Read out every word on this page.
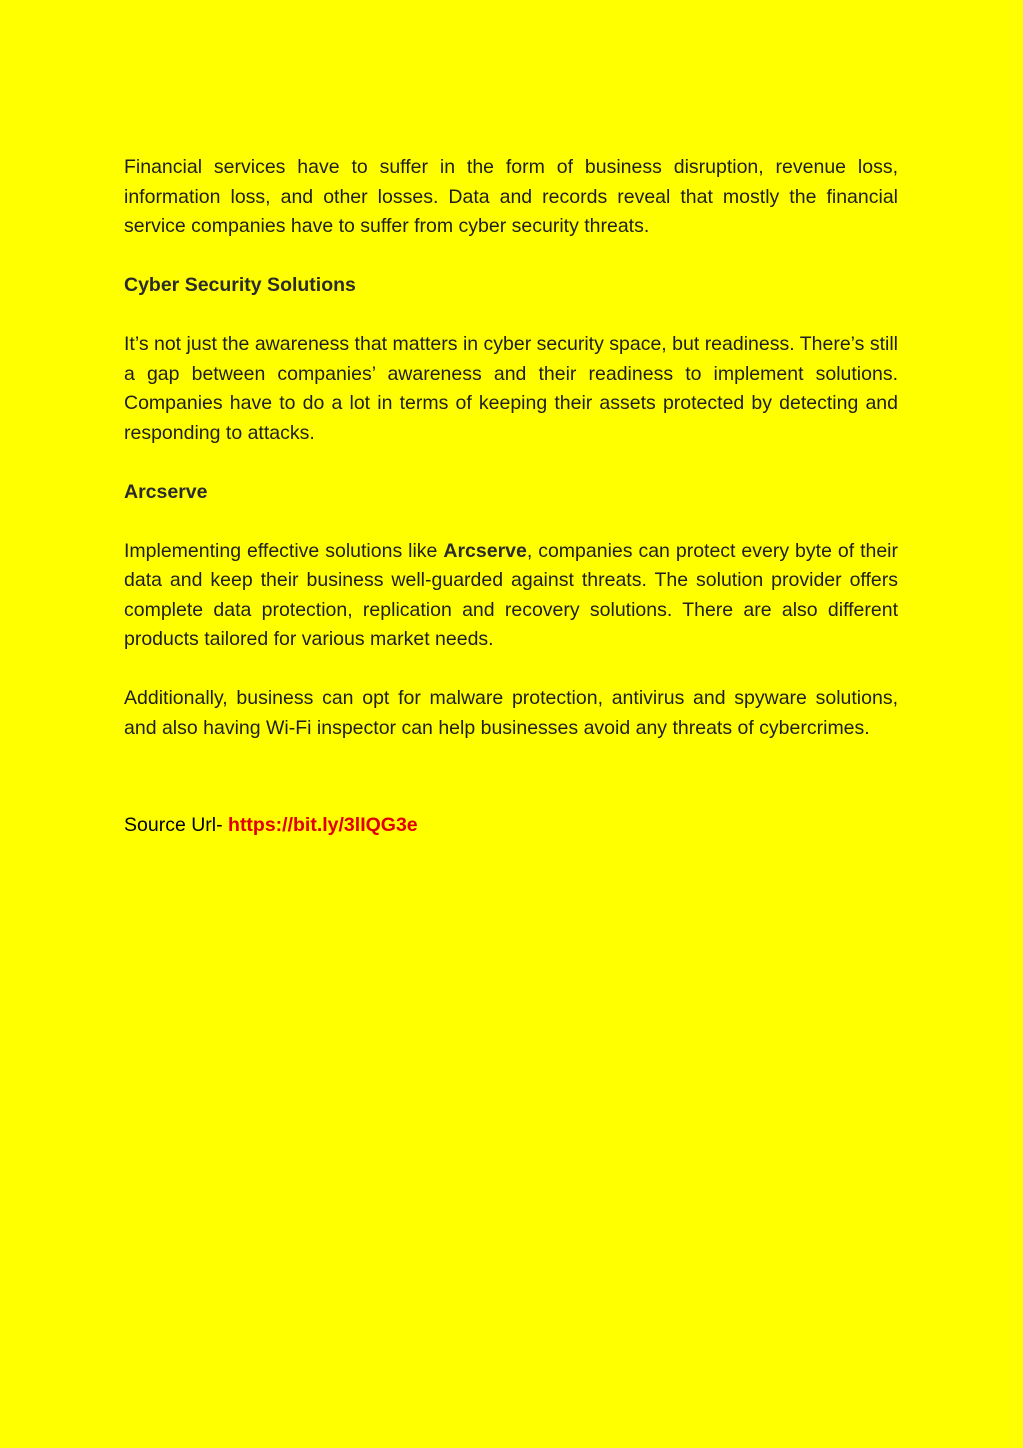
Financial services have to suffer in the form of business disruption, revenue loss, information loss, and other losses. Data and records reveal that mostly the financial service companies have to suffer from cyber security threats.

Cyber Security Solutions

It’s not just the awareness that matters in cyber security space, but readiness. There’s still a gap between companies’ awareness and their readiness to implement solutions. Companies have to do a lot in terms of keeping their assets protected by detecting and responding to attacks.

Arcserve

Implementing effective solutions like Arcserve, companies can protect every byte of their data and keep their business well-guarded against threats. The solution provider offers complete data protection, replication and recovery solutions. There are also different products tailored for various market needs.

Additionally, business can opt for malware protection, antivirus and spyware solutions, and also having Wi-Fi inspector can help businesses avoid any threats of cybercrimes.

Source Url- https://bit.ly/3lIQG3e
